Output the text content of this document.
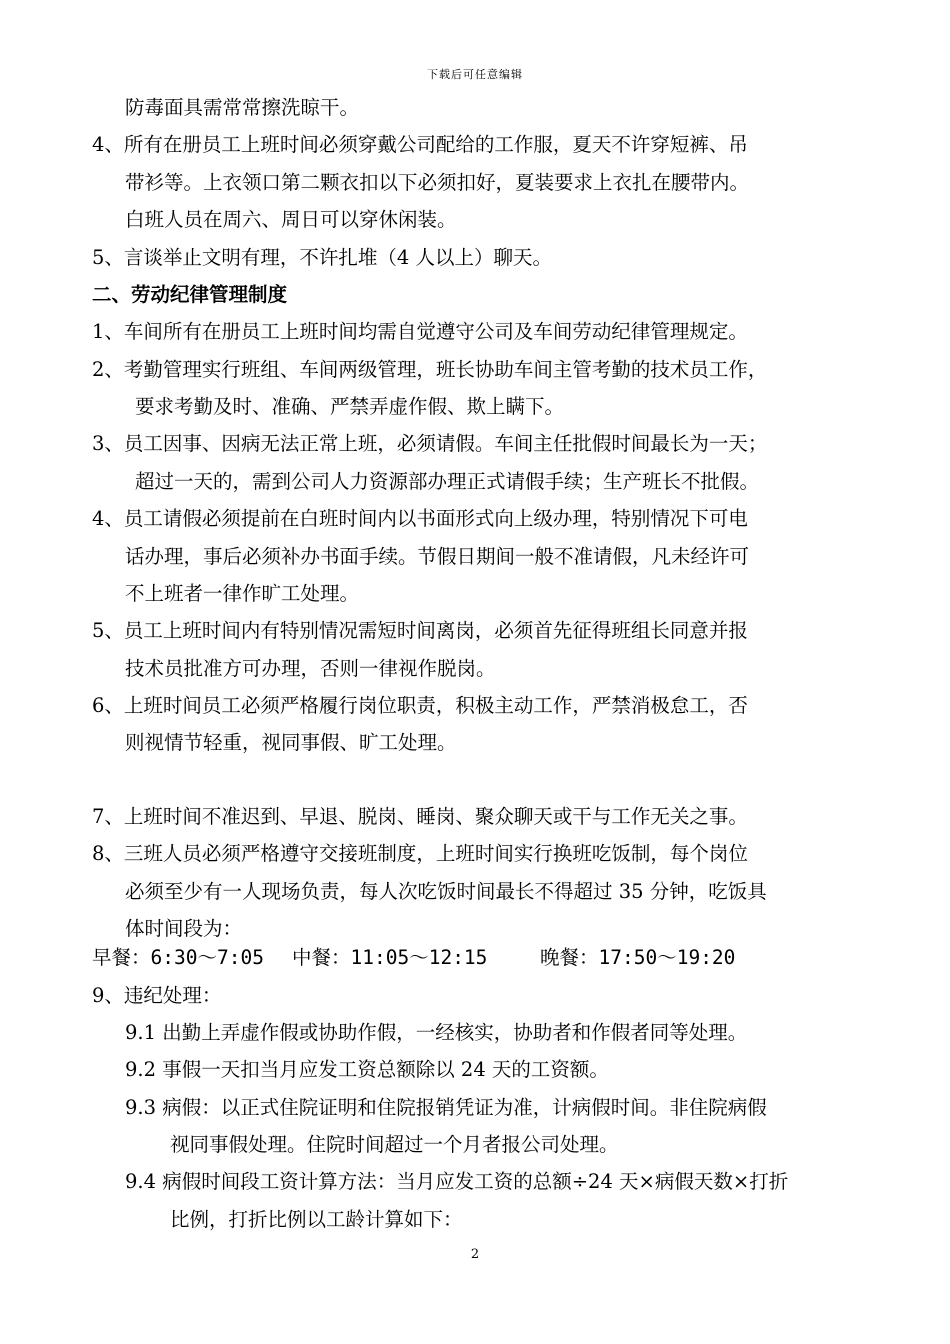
下载后可任意编辑
防毒面具需常常擦洗晾干。
4、所有在册员工上班时间必须穿戴公司配给的工作服，夏天不许穿短裤、吊
带衫等。上衣领口第二颗衣扣以下必须扣好，夏装要求上衣扎在腰带内。
白班人员在周六、周日可以穿休闲装。
5、言谈举止文明有理，不许扎堆（4 人以上）聊天。
二、劳动纪律管理制度
1、车间所有在册员工上班时间均需自觉遵守公司及车间劳动纪律管理规定。
2、考勤管理实行班组、车间两级管理，班长协助车间主管考勤的技术员工作，
要求考勤及时、准确、严禁弄虚作假、欺上瞒下。
3、员工因事、因病无法正常上班，必须请假。车间主任批假时间最长为一天；
超过一天的，需到公司人力资源部办理正式请假手续；生产班长不批假。
4、员工请假必须提前在白班时间内以书面形式向上级办理，特别情况下可电
话办理，事后必须补办书面手续。节假日期间一般不准请假，凡未经许可
不上班者一律作旷工处理。
5、员工上班时间内有特别情况需短时间离岗，必须首先征得班组长同意并报
技术员批准方可办理，否则一律视作脱岗。
6、上班时间员工必须严格履行岗位职责，积极主动工作，严禁消极怠工，否
则视情节轻重，视同事假、旷工处理。
7、上班时间不准迟到、早退、脱岗、睡岗、聚众聊天或干与工作无关之事。
8、三班人员必须严格遵守交接班制度，上班时间实行换班吃饭制，每个岗位
必须至少有一人现场负责，每人次吃饭时间最长不得超过 35 分钟，吃饭具
体时间段为：
早餐：6:30～7:05 中餐：11:05～12:15	晚餐：17:50～19:20
9、违纪处理：
9.1 出勤上弄虚作假或协助作假，一经核实，协助者和作假者同等处理。
9.2 事假一天扣当月应发工资总额除以 24 天的工资额。
9.3 病假：以正式住院证明和住院报销凭证为准，计病假时间。非住院病假
视同事假处理。住院时间超过一个月者报公司处理。
9.4 病假时间段工资计算方法：当月应发工资的总额÷24 天×病假天数×打折
比例，打折比例以工龄计算如下：
2
